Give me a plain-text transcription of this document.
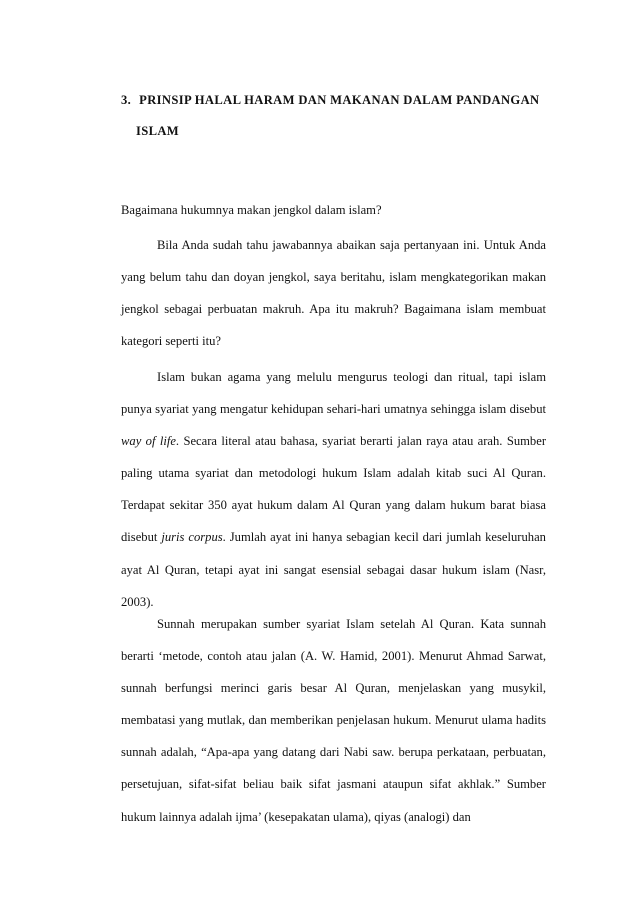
3. PRINSIP HALAL HARAM DAN MAKANAN DALAM PANDANGAN

ISLAM

Bagaimana hukumnya makan jengkol dalam islam?

Bila Anda sudah tahu jawabannya abaikan saja pertanyaan ini. Untuk Anda yang belum tahu dan doyan jengkol, saya beritahu, islam mengkategorikan makan jengkol sebagai perbuatan makruh. Apa itu makruh? Bagaimana islam membuat kategori seperti itu?

Islam bukan agama yang melulu mengurus teologi dan ritual, tapi islam punya syariat yang mengatur kehidupan sehari-hari umatnya sehingga islam disebut way of life. Secara literal atau bahasa, syariat berarti jalan raya atau arah. Sumber paling utama syariat dan metodologi hukum Islam adalah kitab suci Al Quran. Terdapat sekitar 350 ayat hukum dalam Al Quran yang dalam hukum barat biasa disebut juris corpus. Jumlah ayat ini hanya sebagian kecil dari jumlah keseluruhan ayat Al Quran, tetapi ayat ini sangat esensial sebagai dasar hukum islam (Nasr, 2003).

Sunnah merupakan sumber syariat Islam setelah Al Quran. Kata sunnah berarti ‘metode, contoh atau jalan (A. W. Hamid, 2001). Menurut Ahmad Sarwat, sunnah berfungsi merinci garis besar Al Quran, menjelaskan yang musykil, membatasi yang mutlak, dan memberikan penjelasan hukum. Menurut ulama hadits sunnah adalah, “Apa-apa yang datang dari Nabi saw. berupa perkataan, perbuatan, persetujuan, sifat-sifat beliau baik sifat jasmani ataupun sifat akhlak.” Sumber hukum lainnya adalah ijma’ (kesepakatan ulama), qiyas (analogi) dan
